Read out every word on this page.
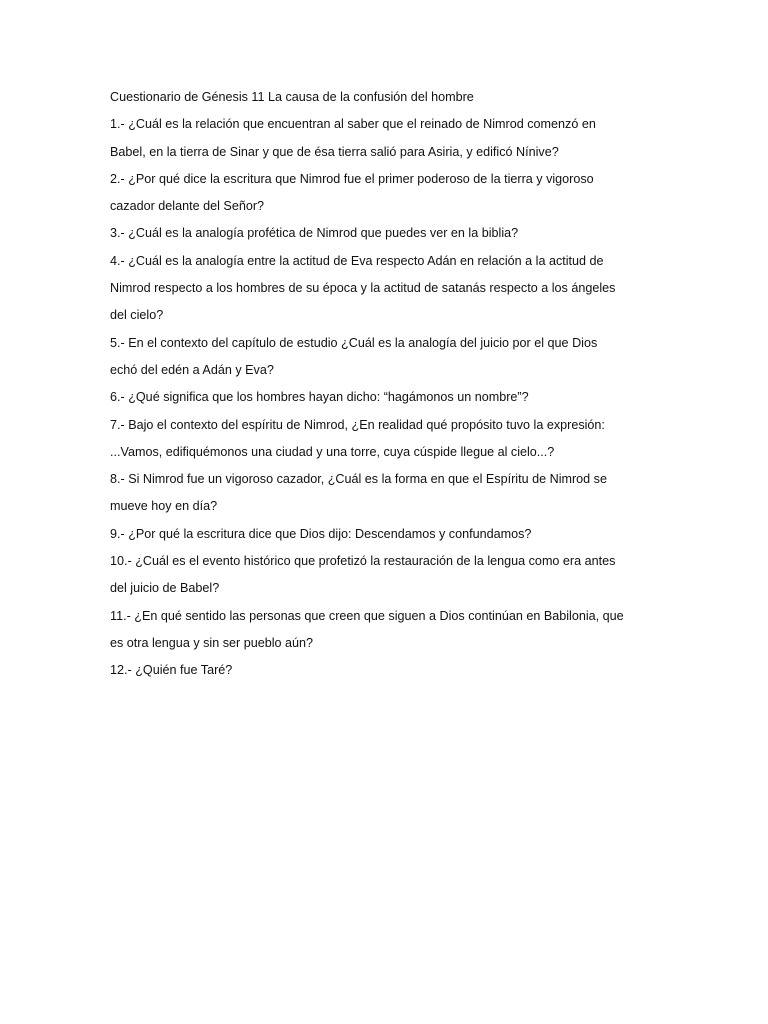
Cuestionario de Génesis 11 La causa de la confusión del hombre
1.- ¿Cuál es la relación que encuentran al saber que el reinado de Nimrod comenzó en
Babel, en la tierra de Sinar y que de ésa tierra salió para Asiria, y edificó Nínive?
2.- ¿Por qué dice la escritura que Nimrod fue el primer poderoso de la tierra y vigoroso
cazador delante del Señor?
3.- ¿Cuál es la analogía profética de Nimrod que puedes ver en la biblia?
4.- ¿Cuál es la analogía entre la actitud de Eva respecto Adán en relación a la actitud de
Nimrod respecto a los hombres de su época y la actitud de satanás respecto a los ángeles
del cielo?
5.- En el contexto del capítulo de estudio ¿Cuál es la analogía del juicio por el que Dios
echó del edén a Adán y Eva?
6.- ¿Qué significa que los hombres hayan dicho: “hagámonos un nombre”?
7.- Bajo el contexto del espíritu de Nimrod, ¿En realidad qué propósito tuvo la expresión:
...Vamos, edifiquémonos una ciudad y una torre, cuya cúspide llegue al cielo...?
8.- Si Nimrod fue un vigoroso cazador, ¿Cuál es la forma en que el Espíritu de Nimrod se
mueve hoy en día?
9.- ¿Por qué la escritura dice que Dios dijo: Descendamos y confundamos?
10.- ¿Cuál es el evento histórico que profetizó la restauración de la lengua como era antes
del juicio de Babel?
11.- ¿En qué sentido las personas que creen que siguen a Dios continúan en Babilonia, que
es otra lengua y sin ser pueblo aún?
12.- ¿Quién fue Taré?
